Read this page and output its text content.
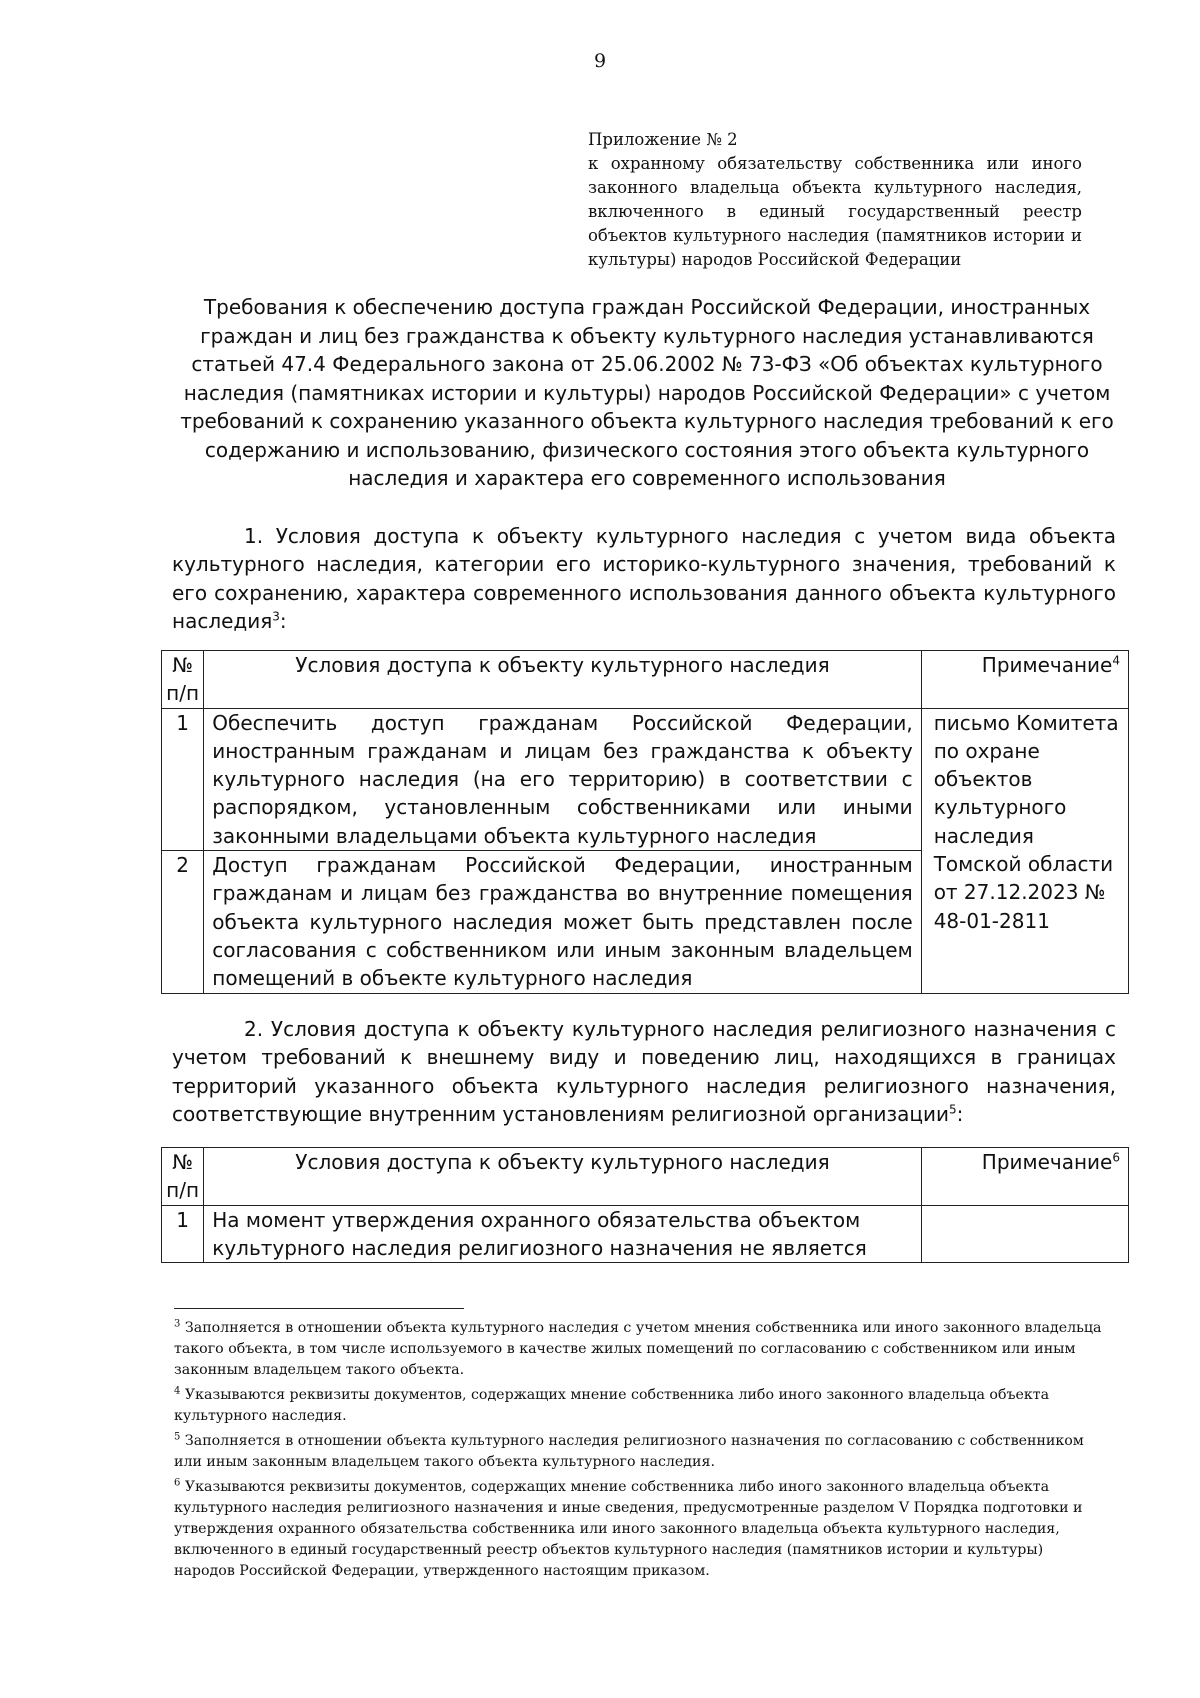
9
Приложение № 2
к охранному обязательству собственника или иного законного владельца объекта культурного наследия, включенного в единый государственный реестр объектов культурного наследия (памятников истории и культуры) народов Российской Федерации
Требования к обеспечению доступа граждан Российской Федерации, иностранных граждан и лиц без гражданства к объекту культурного наследия устанавливаются статьей 47.4 Федерального закона от 25.06.2002 № 73-ФЗ «Об объектах культурного наследия (памятниках истории и культуры) народов Российской Федерации» с учетом требований к сохранению указанного объекта культурного наследия требований к его содержанию и использованию, физического состояния этого объекта культурного наследия и характера его современного использования
1. Условия доступа к объекту культурного наследия с учетом вида объекта культурного наследия, категории его историко-культурного значения, требований к его сохранению, характера современного использования данного объекта культурного наследия$^3$:
№ п/п	Условия доступа к объекту культурного наследия	Примечание$^4$
1	Обеспечить доступ гражданам Российской Федерации, иностранным гражданам и лицам без гражданства к объекту культурного наследия (на его территорию) в соответствии с распорядком, установленным собственниками или иными законными владельцами объекта культурного наследия	письмо Комитета по охране объектов культурного наследия Томской области от 27.12.2023 № 48-01-2811
2	Доступ гражданам Российской Федерации, иностранным гражданам и лицам без гражданства во внутренние помещения объекта культурного наследия может быть представлен после согласования с собственником или иным законным владельцем помещений в объекте культурного наследия	
2. Условия доступа к объекту культурного наследия религиозного назначения с учетом требований к внешнему виду и поведению лиц, находящихся в границах территорий указанного объекта культурного наследия религиозного назначения, соответствующие внутренним установлениям религиозной организации$^5$:
№ п/п	Условия доступа к объекту культурного наследия	Примечание$^6$
1	На момент утверждения охранного обязательства объектом культурного наследия религиозного назначения не является	
$^3$ Заполняется в отношении объекта культурного наследия с учетом мнения собственника или иного законного владельца такого объекта, в том числе используемого в качестве жилых помещений по согласованию с собственником или иным законным владельцем такого объекта.
$^4$ Указываются реквизиты документов, содержащих мнение собственника либо иного законного владельца объекта культурного наследия.
$^5$ Заполняется в отношении объекта культурного наследия религиозного назначения по согласованию с собственником или иным законным владельцем такого объекта культурного наследия.
$^6$ Указываются реквизиты документов, содержащих мнение собственника либо иного законного владельца объекта культурного наследия религиозного назначения и иные сведения, предусмотренные разделом V Порядка подготовки и утверждения охранного обязательства собственника или иного законного владельца объекта культурного наследия, включенного в единый государственный реестр объектов культурного наследия (памятников истории и культуры) народов Российской Федерации, утвержденного настоящим приказом.
